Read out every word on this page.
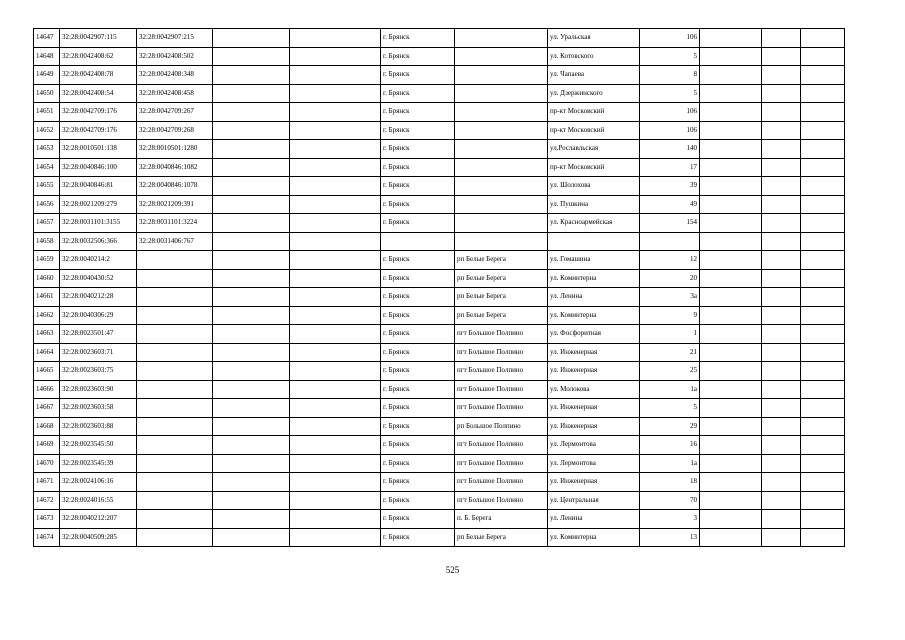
14647	32:28:0042907:115	32:28:0042907:215			г. Брянск		ул. Уральская	106			
14648	32:28:0042408:62	32:28:0042408:502			г. Брянск		ул. Котовского	5			
14649	32:28:0042408:78	32:28:0042408:348			г. Брянск		ул. Чапаева	8			
14650	32:28:0042408:54	32:28:0042408:458			г. Брянск		ул. Дзержинского	5			
14651	32:28:0042709:176	32:28:0042709:267			г. Брянск		пр-кт Московский	106			
14652	32:28:0042709:176	32:28:0042709:268			г. Брянск		пр-кт Московский	106			
14653	32:28:0010501:138	32:28:0010501:1280			г. Брянск		ул.Рославльская	140			
14654	32:28:0040846:100	32:28:0040846:1082			г. Брянск		пр-кт Московский	17			
14655	32:28:0040846:81	32:28:0040846:1078			г. Брянск		ул. Шолохова	39			
14656	32:28:0021209:279	32:28:0021209:391			г. Брянск		ул. Пушкина	49			
14657	32:28:0031101:3155	32:28:0031101:3224			г. Брянск		ул. Красноармейская	154			
14658	32:28:0032506:366	32:28:0031406:767									
14659	32:28:0040214:2				г. Брянск	рп Белые Берега	ул. Гомашина	12			
14660	32:28:0040430:52				г. Брянск	рп Белые Берега	ул. Коминтерна	20			
14661	32:28:0040212:28				г. Брянск	рп Белые Берега	ул. Ленина	3а			
14662	32:28:0040306:29				г. Брянск	рп Белые Берега	ул. Коминтерна	9			
14663	32:28:0023501:47				г. Брянск	пгт Большое Полпино	ул. Фосфоритная	1			
14664	32:28:0023603:71				г. Брянск	пгт Большое Полпино	ул. Инженерная	21			
14665	32:28:0023603:75				г. Брянск	пгт Большое Полпино	ул. Инженерная	25			
14666	32:28:0023603:90				г. Брянск	пгт Большое Полпино	ул. Молокова	1а			
14667	32:28:0023603:58				г. Брянск	пгт Большое Полпино	ул. Инженерная	5			
14668	32:28:0023603:88				г. Брянск	рп Большое Полпино	ул. Инженерная	29			
14669	32:28:0023545:50				г. Брянск	пгт Большое Полпино	ул. Лермонтова	16			
14670	32:28:0023545:39				г. Брянск	пгт Большое Полпино	ул. Лермонтова	1а			
14671	32:28:0024106:16				г. Брянск	пгт Большое Полпино	ул. Инженерная	18			
14672	32:28:0024016:55				г. Брянск	пгт Большое Полпино	ул. Центральная	70			
14673	32:28:0040212:207				г. Брянск	п. Б. Берега	ул. Ленина	3			
14674	32:28:0040509:285				г. Брянск	рп Белые Берега	ул. Коминтерна	13			
525
